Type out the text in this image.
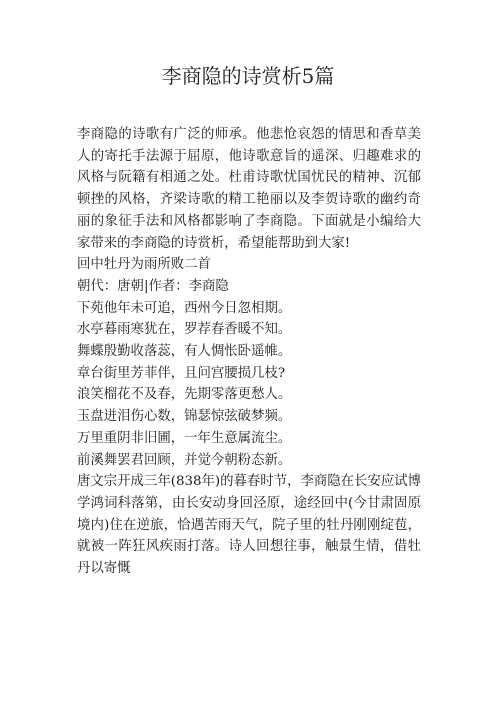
李商隐的诗赏析5篇

李商隐的诗歌有广泛的师承。他悲怆哀怨的情思和香草美人的寄托手法源于屈原，他诗歌意旨的遥深、归趣难求的风格与阮籍有相通之处。杜甫诗歌忧国忧民的精神、沉郁顿挫的风格，齐梁诗歌的精工艳丽以及李贺诗歌的幽约奇丽的象征手法和风格都影响了李商隐。下面就是小编给大家带来的李商隐的诗赏析，希望能帮助到大家!

回中牡丹为雨所败二首

朝代：唐朝|作者：李商隐

下苑他年未可追，西州今日忽相期。

水亭暮雨寒犹在，罗荐春香暖不知。

舞蝶殷勤收落蕊，有人惆怅卧遥帷。

章台街里芳菲伴，且问宫腰损几枝?

浪笑榴花不及春，先期零落更愁人。

玉盘迸泪伤心数，锦瑟惊弦破梦频。

万里重阴非旧圃，一年生意属流尘。

前溪舞罢君回顾，并觉今朝粉态新。

唐文宗开成三年(838年)的暮春时节，李商隐在长安应试博学鸿词科落第，由长安动身回泾原，途经回中(今甘肃固原境内)住在逆旅，恰遇苦雨天气，院子里的牡丹刚刚绽苞，就被一阵狂风疾雨打落。诗人回想往事，触景生情，借牡丹以寄慨
